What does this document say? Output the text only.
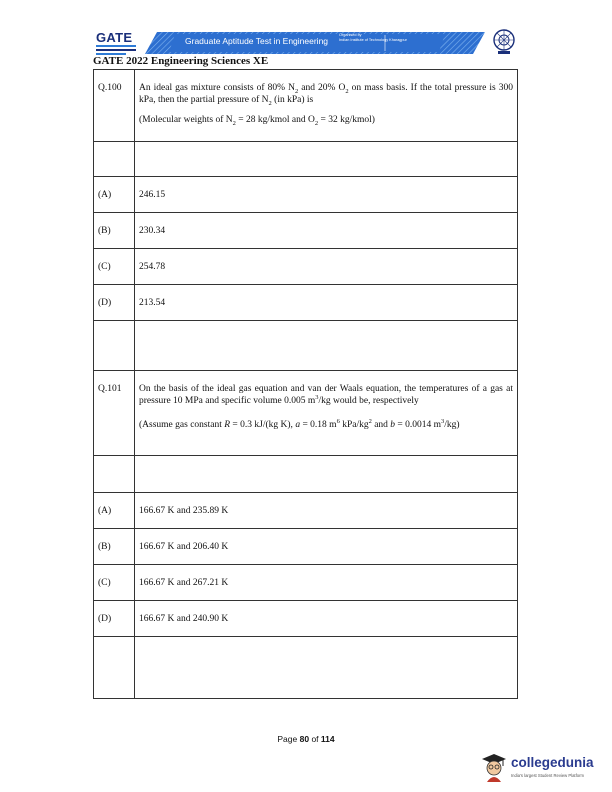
GATE	Graduate Aptitude Test in Engineering
Organised by
Indian Institute of Technology Kharagpur
GATE 2022 Engineering Sciences XE
Q.100	An ideal gas mixture consists of 80% $N_2$ and 20% $O_2$ on mass basis. If the total pressure is 300 kPa, then the partial pressure of $N_2$ (in kPa) is

(Molecular weights of $N_2 = 28$ kg/kmol and $O_2 = 32$ kg/kmol)

(A)	246.15
(B)	230.34
(C)	254.78
(D)	213.54

Q.101	On the basis of the ideal gas equation and van der Waals equation, the temperatures of a gas at pressure 10 MPa and specific volume 0.005 $m^3/kg$ would be, respectively

(Assume gas constant R = 0.3 kJ/(kg K), a = 0.18 $m^6$ kPa/$kg^2$ and b = 0.0014 $m^3/kg$)

(A)	166.67 K and 235.89 K
(B)	166.67 K and 206.40 K
(C)	166.67 K and 267.21 K
(D)	166.67 K and 240.90 K

Page 80 of 114
collegedunia
India's largest Student Review Platform
